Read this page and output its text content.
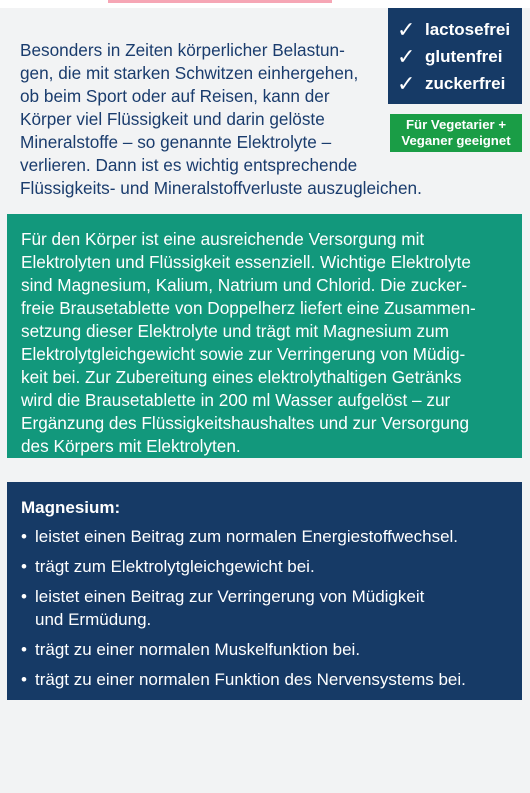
Besonders in Zeiten körperlicher Belastun-
gen, die mit starken Schwitzen einhergehen,
ob beim Sport oder auf Reisen, kann der
Körper viel Flüssigkeit und darin gelöste
Mineralstoffe – so genannte Elektrolyte –
verlieren. Dann ist es wichtig entsprechende
Flüssigkeits- und Mineralstoffverluste auszugleichen.
✓ lactosefrei
✓ glutenfrei
✓ zuckerfrei
Für Vegetarier +
Veganer geeignet
Für den Körper ist eine ausreichende Versorgung mit
Elektrolyten und Flüssigkeit essenziell. Wichtige Elektrolyte
sind Magnesium, Kalium, Natrium und Chlorid. Die zucker-
freie Brausetablette von Doppelherz liefert eine Zusammen-
setzung dieser Elektrolyte und trägt mit Magnesium zum
Elektrolytgleichgewicht sowie zur Verringerung von Müdig-
keit bei. Zur Zubereitung eines elektrolythaltigen Getränks
wird die Brausetablette in 200 ml Wasser aufgelöst – zur
Ergänzung des Flüssigkeitshaushaltes und zur Versorgung
des Körpers mit Elektrolyten.
Magnesium:
• leistet einen Beitrag zum normalen Energiestoffwechsel.
• trägt zum Elektrolytgleichgewicht bei.
• leistet einen Beitrag zur Verringerung von Müdigkeit
und Ermüdung.
• trägt zu einer normalen Muskelfunktion bei.
• trägt zu einer normalen Funktion des Nervensystems bei.
